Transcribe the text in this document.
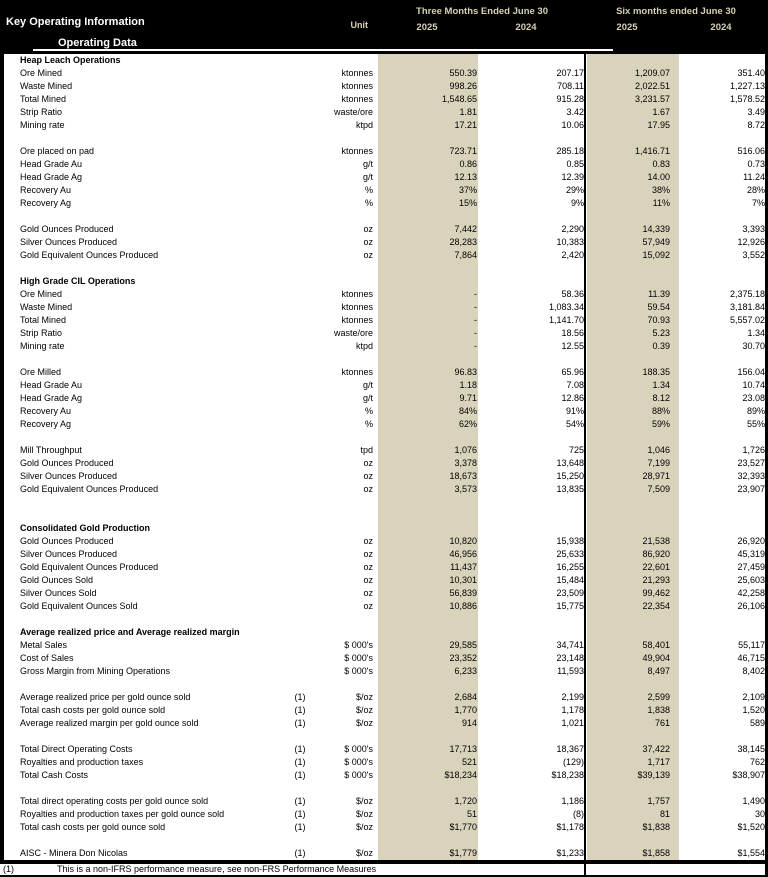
Key Operating Information	Unit
Three Months Ended June 30	Six months ended June 30
2025	2024	2025	2024
Operating Data
Heap Leach Operations
Ore Mined	ktonnes	550.39	207.17	1,209.07	351.40
Waste Mined	ktonnes	998.26	708.11	2,022.51	1,227.13
Total Mined	ktonnes	1,548.65	915.28	3,231.57	1,578.52
Strip Ratio	waste/ore	1.81	3.42	1.67	3.49
Mining rate	ktpd	17.21	10.06	17.95	8.72
Ore placed on pad	ktonnes	723.71	285.18	1,416.71	516.06
Head Grade Au	g/t	0.86	0.85	0.83	0.73
Head Grade Ag	g/t	12.13	12.39	14.00	11.24
Recovery Au	%	37%	29%	38%	28%
Recovery Ag	%	15%	9%	11%	7%
Gold Ounces Produced	oz	7,442	2,290	14,339	3,393
Silver Ounces Produced	oz	28,283	10,383	57,949	12,926
Gold Equivalent Ounces Produced	oz	7,864	2,420	15,092	3,552
High Grade CIL Operations
Ore Mined	ktonnes	-	58.36	11.39	2,375.18
Waste Mined	ktonnes	-	1,083.34	59.54	3,181.84
Total Mined	ktonnes	-	1,141.70	70.93	5,557.02
Strip Ratio	waste/ore	-	18.56	5.23	1.34
Mining rate	ktpd	-	12.55	0.39	30.70
Ore Milled	ktonnes	96.83	65.96	188.35	156.04
Head Grade Au	g/t	1.18	7.08	1.34	10.74
Head Grade Ag	g/t	9.71	12.86	8.12	23.08
Recovery Au	%	84%	91%	88%	89%
Recovery Ag	%	62%	54%	59%	55%
Mill Throughput	tpd	1,076	725	1,046	1,726
Gold Ounces Produced	oz	3,378	13,648	7,199	23,527
Silver Ounces Produced	oz	18,673	15,250	28,971	32,393
Gold Equivalent Ounces Produced	oz	3,573	13,835	7,509	23,907
Consolidated Gold Production
Gold Ounces Produced	oz	10,820	15,938	21,538	26,920
Silver Ounces Produced	oz	46,956	25,633	86,920	45,319
Gold Equivalent Ounces Produced	oz	11,437	16,255	22,601	27,459
Gold Ounces Sold	oz	10,301	15,484	21,293	25,603
Silver Ounces Sold	oz	56,839	23,509	99,462	42,258
Gold Equivalent Ounces Sold	oz	10,886	15,775	22,354	26,106
Average realized price and Average realized margin
Metal Sales	$ 000's	29,585	34,741	58,401	55,117
Cost of Sales	$ 000's	23,352	23,148	49,904	46,715
Gross Margin from Mining Operations	$ 000's	6,233	11,593	8,497	8,402
Average realized price per gold ounce sold	(1)	$/oz	2,684	2,199	2,599	2,109
Total cash costs per gold ounce sold	(1)	$/oz	1,770	1,178	1,838	1,520
Average realized margin per gold ounce sold	(1)	$/oz	914	1,021	761	589
Total Direct Operating Costs	(1)	$ 000's	17,713	18,367	37,422	38,145
Royalties and production taxes	(1)	$ 000's	521	(129)	1,717	762
Total Cash Costs	(1)	$ 000's	$18,234	$18,238	$39,139	$38,907
Total direct operating costs per gold ounce sold	(1)	$/oz	1,720	1,186	1,757	1,490
Royalties and production taxes per gold ounce sold	(1)	$/oz	51	(8)	81	30
Total cash costs per gold ounce sold	(1)	$/oz	$1,770	$1,178	$1,838	$1,520
AISC - Minera Don Nicolas	(1)	$/oz	$1,779	$1,233	$1,858	$1,554
(1)	This is a non-IFRS performance measure, see non-FRS Performance Measures
